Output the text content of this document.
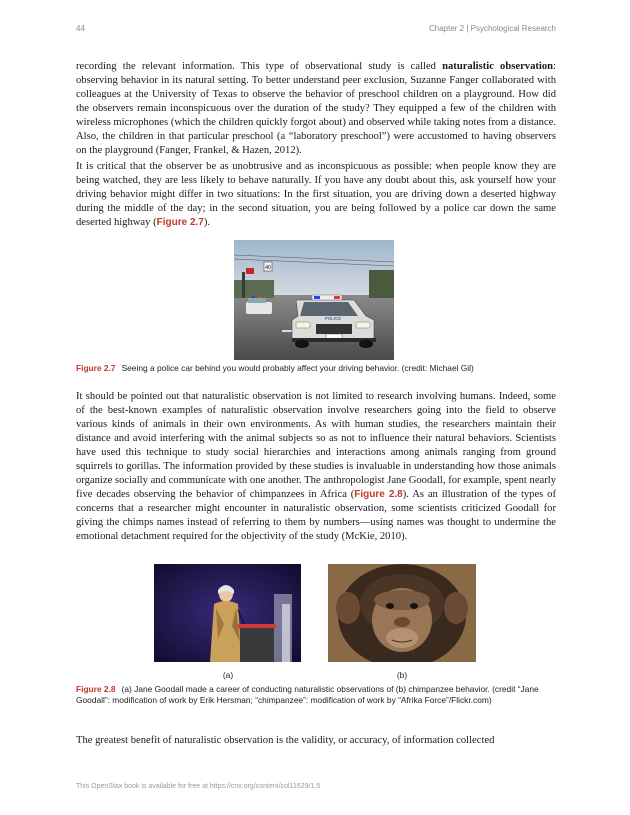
44	Chapter 2 | Psychological Research

recording the relevant information. This type of observational study is called naturalistic observation: observing behavior in its natural setting. To better understand peer exclusion, Suzanne Fanger collaborated with colleagues at the University of Texas to observe the behavior of preschool children on a playground. How did the observers remain inconspicuous over the duration of the study? They equipped a few of the children with wireless microphones (which the children quickly forgot about) and observed while taking notes from a distance. Also, the children in that particular preschool (a “laboratory preschool”) were accustomed to having observers on the playground (Fanger, Frankel, & Hazen, 2012).

It is critical that the observer be as unobtrusive and as inconspicuous as possible: when people know they are being watched, they are less likely to behave naturally. If you have any doubt about this, ask yourself how your driving behavior might differ in two situations: In the first situation, you are driving down a deserted highway during the middle of the day; in the second situation, you are being followed by a police car down the same deserted highway (Figure 2.7).

40
POLICE
Figure 2.7 Seeing a police car behind you would probably affect your driving behavior. (credit: Michael Gil)

It should be pointed out that naturalistic observation is not limited to research involving humans. Indeed, some of the best-known examples of naturalistic observation involve researchers going into the field to observe various kinds of animals in their own environments. As with human studies, the researchers maintain their distance and avoid interfering with the animal subjects so as not to influence their natural behaviors. Scientists have used this technique to study social hierarchies and interactions among animals ranging from ground squirrels to gorillas. The information provided by these studies is invaluable in understanding how those animals organize socially and communicate with one another. The anthropologist Jane Goodall, for example, spent nearly five decades observing the behavior of chimpanzees in Africa (Figure 2.8). As an illustration of the types of concerns that a researcher might encounter in naturalistic observation, some scientists criticized Goodall for giving the chimps names instead of referring to them by numbers—using names was thought to undermine the emotional detachment required for the objectivity of the study (McKie, 2010).

(a)	(b)
Figure 2.8 (a) Jane Goodall made a career of conducting naturalistic observations of (b) chimpanzee behavior. (credit “Jane Goodall”: modification of work by Erik Hersman; “chimpanzee”: modification of work by “Afrika Force”/Flickr.com)

The greatest benefit of naturalistic observation is the validity, or accuracy, of information collected

This OpenStax book is available for free at https://cnx.org/content/col11629/1.5
